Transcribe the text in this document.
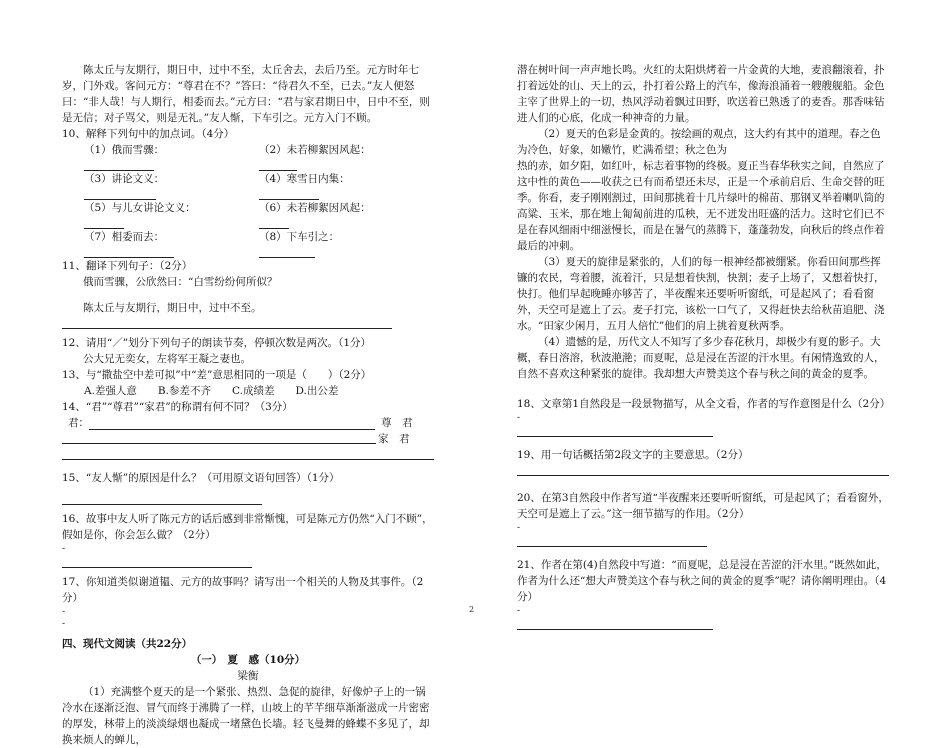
陈太丘与友期行，期日中，过中不至，太丘舍去，去后乃至。元方时年七岁，门外戏。客问元方：“尊君在不？”答曰：“待君久不至，已去。”友人便怒曰：“非人哉！与人期行，相委而去。”元方曰：“君与家君期日中，日中不至，则是无信；对子骂父，则是无礼。”友人惭，下车引之。元方入门不顾。

10、解释下列句中的加点词。（4分）

（1）俄而雪骤：	（2）未若柳絮因风起：
（3）讲论文义：	（4）寒雪日内集：
（5）与儿女讲论文义：	（6）未若柳絮因风起：
（7）相委而去：	（8）下车引之：

11、翻译下列句子：（2分）

俄而雪骤，公欣然曰：“白雪纷纷何所似？

陈太丘与友期行，期日中，过中不至。

12、请用“／”划分下列句子的朗读节奏，停顿次数是两次。（1分）

公大兄无奕女，左将军王凝之妻也。

13、与“撒盐空中差可拟”中“差”意思相同的一项是（　　）（2分）

A.差强人意　　B.参差不齐　　C.成绩差　　D.出公差

14、“君”“尊君”“家君”的称谓有何不同？（3分）

君：	尊　君
家　君

15、“友人惭”的原因是什么？（可用原文语句回答）（1分）

16、故事中友人听了陈元方的话后感到非常惭愧，可是陈元方仍然“入门不顾”，假如是你，你会怎么做？（2分）

-

17、你知道类似谢道韫、元方的故事吗？请写出一个相关的人物及其事件。（2分）

-

-

四、现代文阅读（共22分）

（一）　夏　感（10分）

梁衡

（1）充满整个夏天的是一个紧张、热烈、急促的旋律，好像炉子上的一锅冷水在逐渐泛泡、冒气而终于沸腾了一样，山坡上的芊芊细草渐渐滋成一片密密的厚发，林带上的淡淡绿烟也凝成一堵黛色长墙。轻飞曼舞的蜂蝶不多见了，却换来烦人的蝉儿，

潜在树叶间一声声地长鸣。火红的太阳烘烤着一片金黄的大地，麦浪翻滚着，扑打着远处的山、天上的云，扑打着公路上的汽车，像海浪涌着一艘艘舰船。金色主宰了世界上的一切，热风浮动着飘过田野，吹送着已熟透了的麦香。那香味钻进人们的心底，化成一种神奇的力量。

（2）夏天的色彩是金黄的。按绘画的观点，这大约有其中的道理。春之色为冷色，好象，如嫩竹，贮满希望；秋之色为

热的赤，如夕阳，如红叶，标志着事物的终极。夏正当春华秋实之间，自然应了这中性的黄色——收获之已有而希望还未尽，正是一个承前启后、生命交替的旺季。你看，麦子刚刚割过，田间那挑着十几片绿叶的棉苗、那钢叉举着喇叭筒的高粱、玉米，那在地上匍匐前进的瓜秧，无不迸发出旺盛的活力。这时它们已不是在春风细雨中细滋慢长，而是在暑气的蒸腾下，蓬蓬勃发，向秋后的终点作着最后的冲刺。

（3）夏天的旋律是紧张的，人们的每一根神经都被绷紧。你看田间那些挥镰的农民，弯着腰，流着汗，只是想着快割，快割；麦子上场了，又想着快打，快打。他们早起晚睡亦够苦了，半夜醒来还要听听窗纸，可是起风了；看看窗外，天空可是遮上了云。麦子打完，该松一口气了，又得赶快去给秋苗追肥、浇水。“田家少闲月，五月人倍忙”他们的肩上挑着夏秋两季。

（4）遗憾的是，历代文人不知写了多少春花秋月，却极少有夏的影子。大概，春日溶溶，秋波滟滟；而夏呢，总是浸在苦涩的汗水里。有闲情逸致的人，自然不喜欢这种紧张的旋律。我却想大声赞美这个春与秋之间的黄金的夏季。

18、文章第1自然段是一段景物描写，从全文看，作者的写作意图是什么（2分）

-

19、用一句话概括第2段文字的主要意思。（2分）

20、在第3自然段中作者写道“半夜醒来还要听听窗纸，可是起风了；看看窗外，天空可是遮上了云。”这一细节描写的作用。（2分）

-

21、作者在第(4)自然段中写道：“而夏呢，总是浸在苦涩的汗水里。”既然如此，作者为什么还“想大声赞美这个春与秋之间的黄金的夏季”呢？请你阐明理由。（4分）

-

2
